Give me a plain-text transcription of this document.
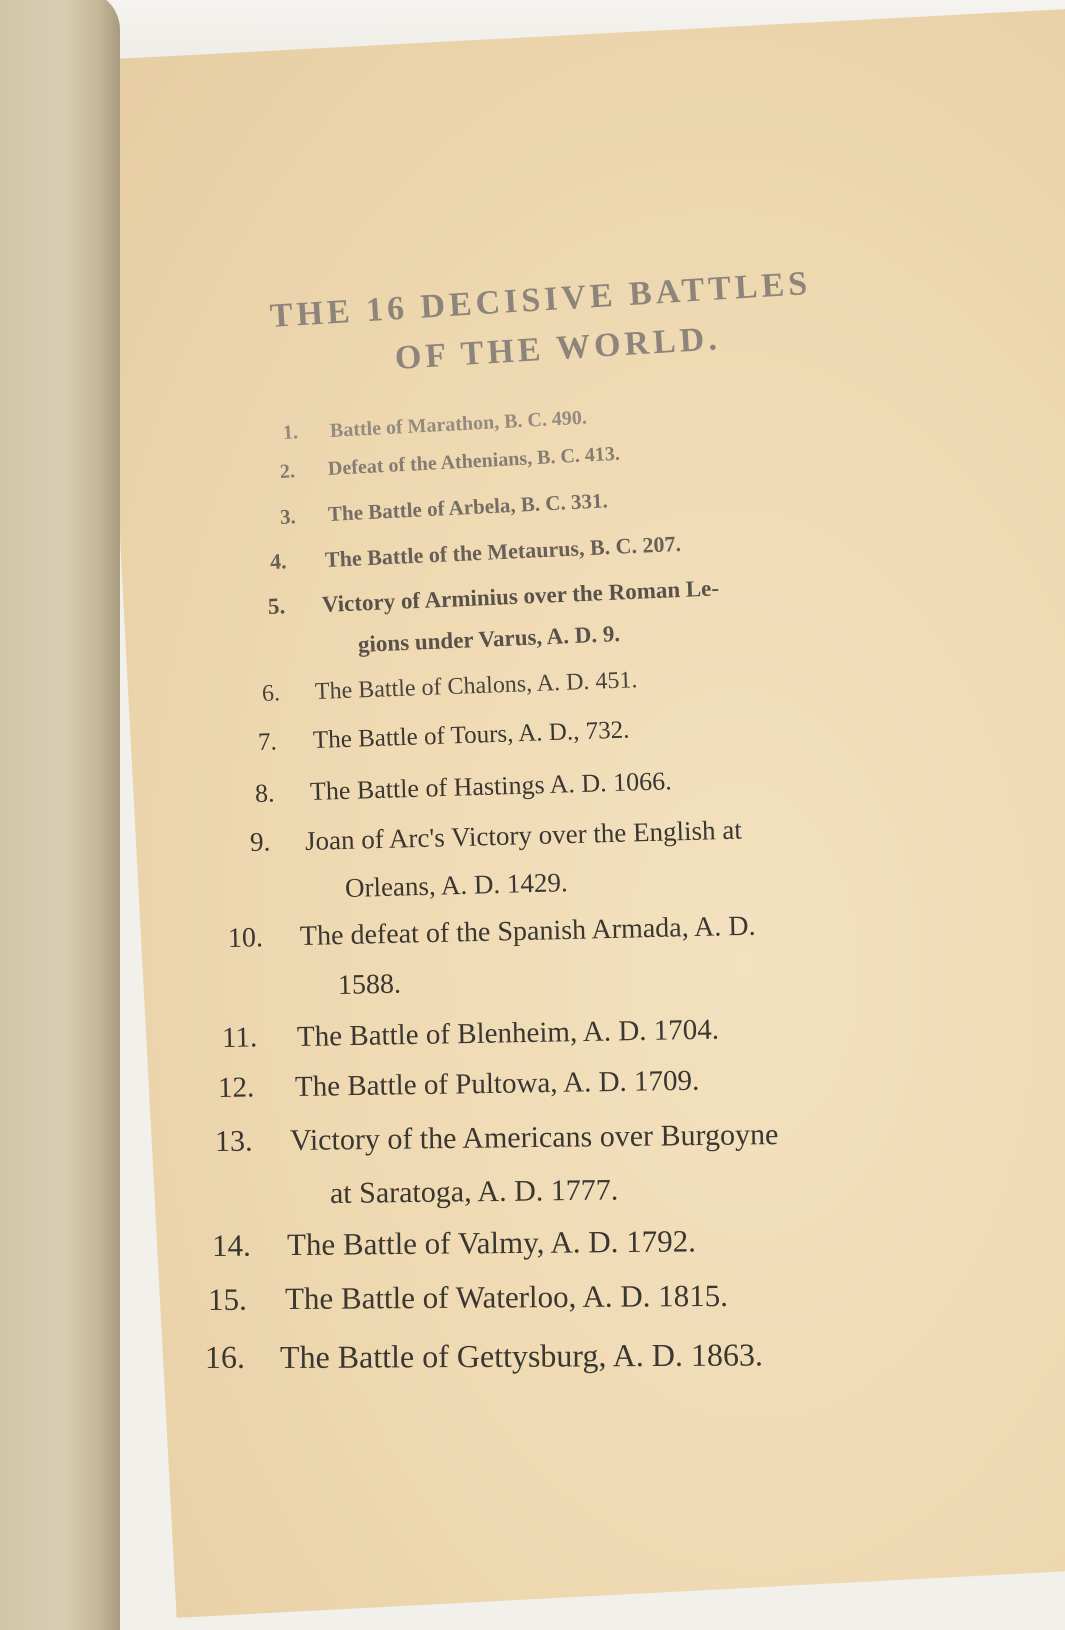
THE 16 DECISIVE BATTLES
OF THE WORLD.
1. Battle of Marathon, B. C. 490.
2. Defeat of the Athenians, B. C. 413.
3. The Battle of Arbela, B. C. 331.
4. The Battle of the Metaurus, B. C. 207.
5. Victory of Arminius over the Roman Le-
gions under Varus, A. D. 9.
6. The Battle of Chalons, A. D. 451.
7. The Battle of Tours, A. D., 732.
8. The Battle of Hastings A. D. 1066.
9. Joan of Arc's Victory over the English at
Orleans, A. D. 1429.
10. The defeat of the Spanish Armada, A. D.
1588.
11. The Battle of Blenheim, A. D. 1704.
12. The Battle of Pultowa, A. D. 1709.
13. Victory of the Americans over Burgoyne
at Saratoga, A. D. 1777.
14. The Battle of Valmy, A. D. 1792.
15. The Battle of Waterloo, A. D. 1815.
16. The Battle of Gettysburg, A. D. 1863.
